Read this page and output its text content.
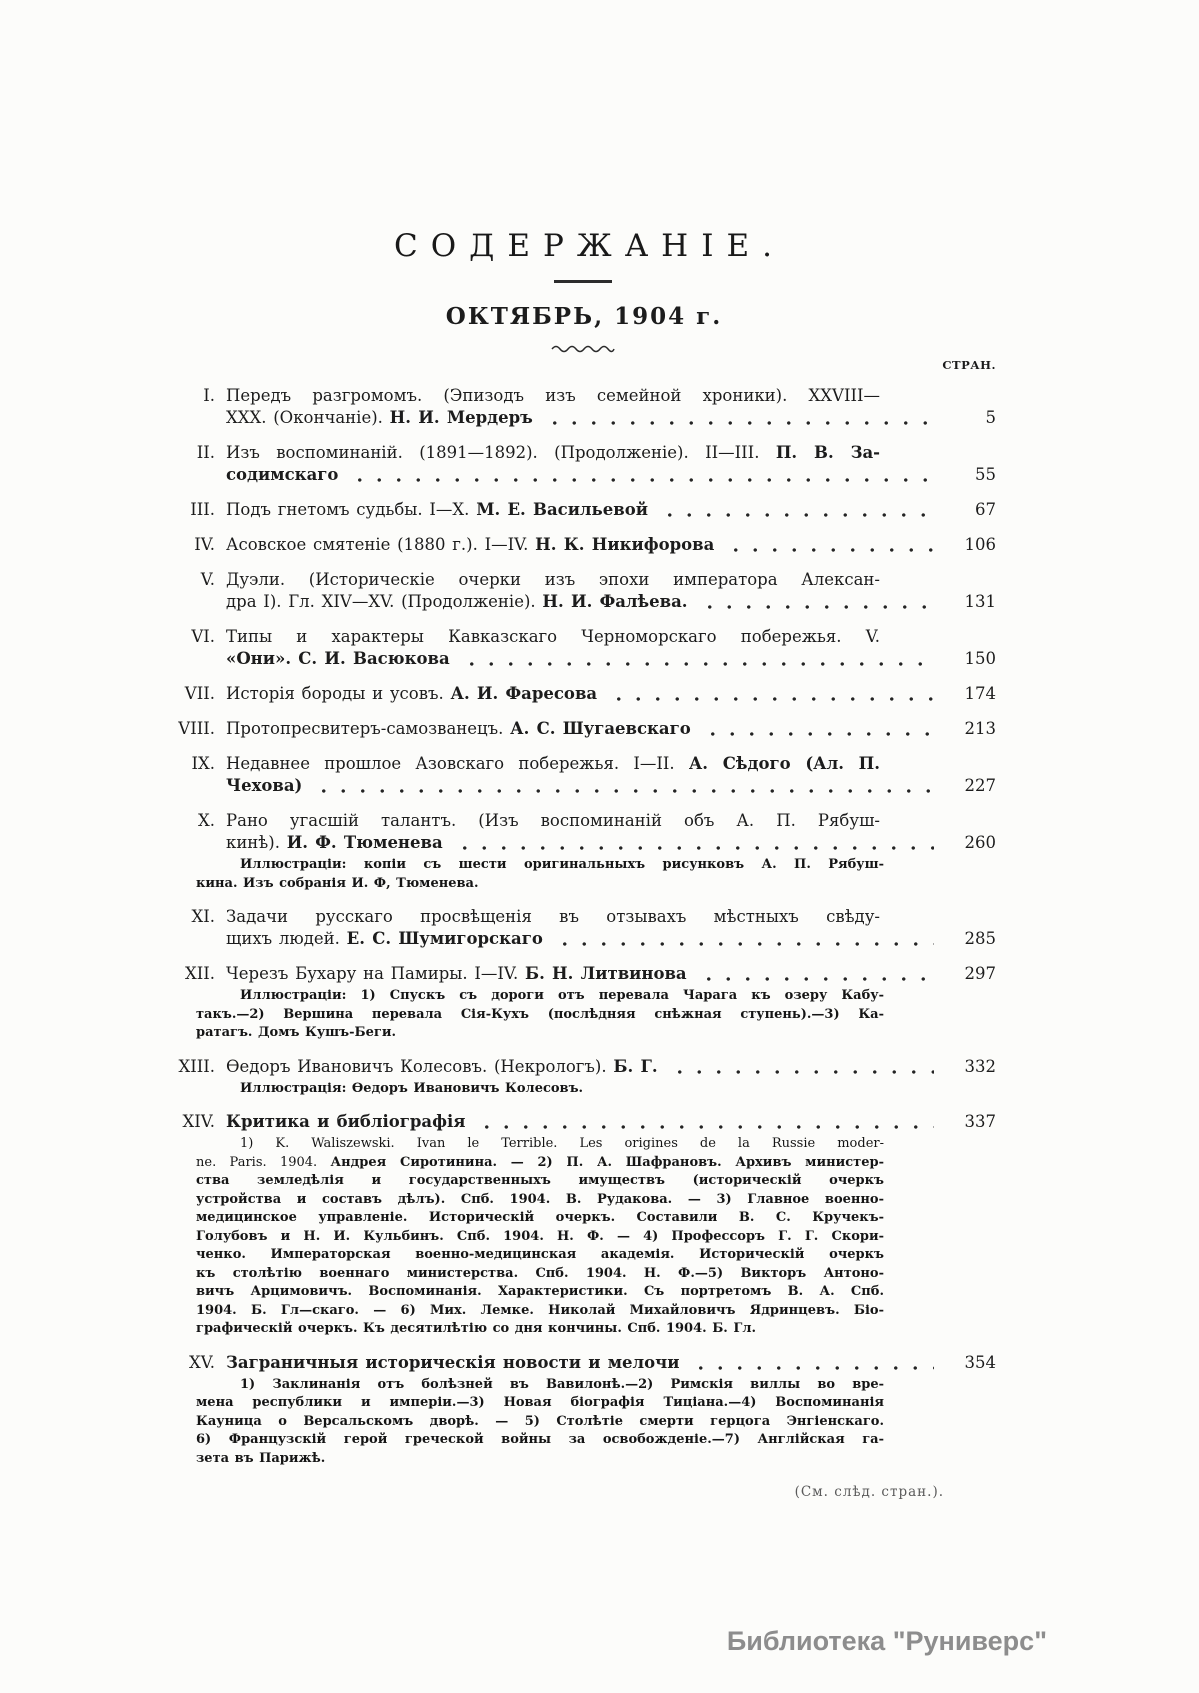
СОДЕРЖАНІЕ.
ОКТЯБРЬ, 1904 г.
СТРАН.
I. Передъ разгромомъ. (Эпизодъ изъ семейной хроники). XXVIII—
XXX. (Окончаніе). Н. И. Мердеръ	5
II. Изъ воспоминаній. (1891—1892). (Продолженіе). II—III. П. В. За-
содимскаго	55
III. Подъ гнетомъ судьбы. I—X. М. Е. Васильевой	67
IV. Асовское смятеніе (1880 г.). I—IV. Н. К. Никифорова	106
V. Дуэли. (Историческіе очерки изъ эпохи императора Алексан-
дра I). Гл. XIV—XV. (Продолженіе). Н. И. Фалѣева.	131
VI. Типы и характеры Кавказскаго Черноморскаго побережья. V.
«Они». С. И. Васюкова	150
VII. Исторія бороды и усовъ. А. И. Фаресова	174
VIII. Протопресвитеръ-самозванецъ. А. С. Шугаевскаго	213
IX. Недавнее прошлое Азовскаго побережья. I—II. А. Сѣдого (Ал. П.
Чехова)	227
X. Рано угасшій талантъ. (Изъ воспоминаній объ А. П. Рябуш-
кинѣ). И. Ф. Тюменева	260
Иллюстраціи: копіи съ шести оригинальныхъ рисунковъ А. П. Рябуш-
кина. Изъ собранія И. Ф, Тюменева.
XI. Задачи русскаго просвѣщенія въ отзывахъ мѣстныхъ свѣду-
щихъ людей. Е. С. Шумигорскаго	285
XII. Черезъ Бухару на Памиры. I—IV. Б. Н. Литвинова	297
Иллюстраціи: 1) Спускъ съ дороги отъ перевала Чарага къ озеру Кабу-
такъ.—2) Вершина перевала Сія-Кухъ (послѣдняя снѣжная ступень).—3) Ка-
ратагъ. Домъ Кушъ-Беги.
XIII. Ѳедоръ Ивановичъ Колесовъ. (Некрологъ). Б. Г.	332
Иллюстрація: Ѳедоръ Ивановичъ Колесовъ.
XIV. Критика и библіографія	337
1) K. Waliszewski. Ivan le Terrible. Les origines de la Russie moder-
ne. Paris. 1904. Андрея Сиротинина. — 2) П. А. Шафрановъ. Архивъ министер-
ства земледѣлія и государственныхъ имуществъ (историческій очеркъ
устройства и составъ дѣлъ). Спб. 1904. В. Рудакова. — 3) Главное военно-
медицинское управленіе. Историческій очеркъ. Составили В. С. Кручекъ-
Голубовъ и Н. И. Кульбинъ. Спб. 1904. Н. Ф. — 4) Профессоръ Г. Г. Скори-
ченко. Императорская военно-медицинская академія. Историческій очеркъ
къ столѣтію военнаго министерства. Спб. 1904. Н. Ф.—5) Викторъ Антоно-
вичъ Арцимовичъ. Воспоминанія. Характеристики. Съ портретомъ В. А. Спб.
1904. Б. Гл—скаго. — 6) Мих. Лемке. Николай Михайловичъ Ядринцевъ. Біо-
графическій очеркъ. Къ десятилѣтію со дня кончины. Спб. 1904. Б. Гл.
XV. Заграничныя историческія новости и мелочи	354
1) Заклинанія отъ болѣзней въ Вавилонѣ.—2) Римскія виллы во вре-
мена республики и имперіи.—3) Новая біографія Тиціана.—4) Воспоминанія
Кауница о Версальскомъ дворѣ. — 5) Столѣтіе смерти герцога Энгіенскаго.
6) Французскій герой греческой войны за освобожденіе.—7) Англійская га-
зета въ Парижѣ.
(См. слѣд. стран.).
Библиотека "Руниверс"
